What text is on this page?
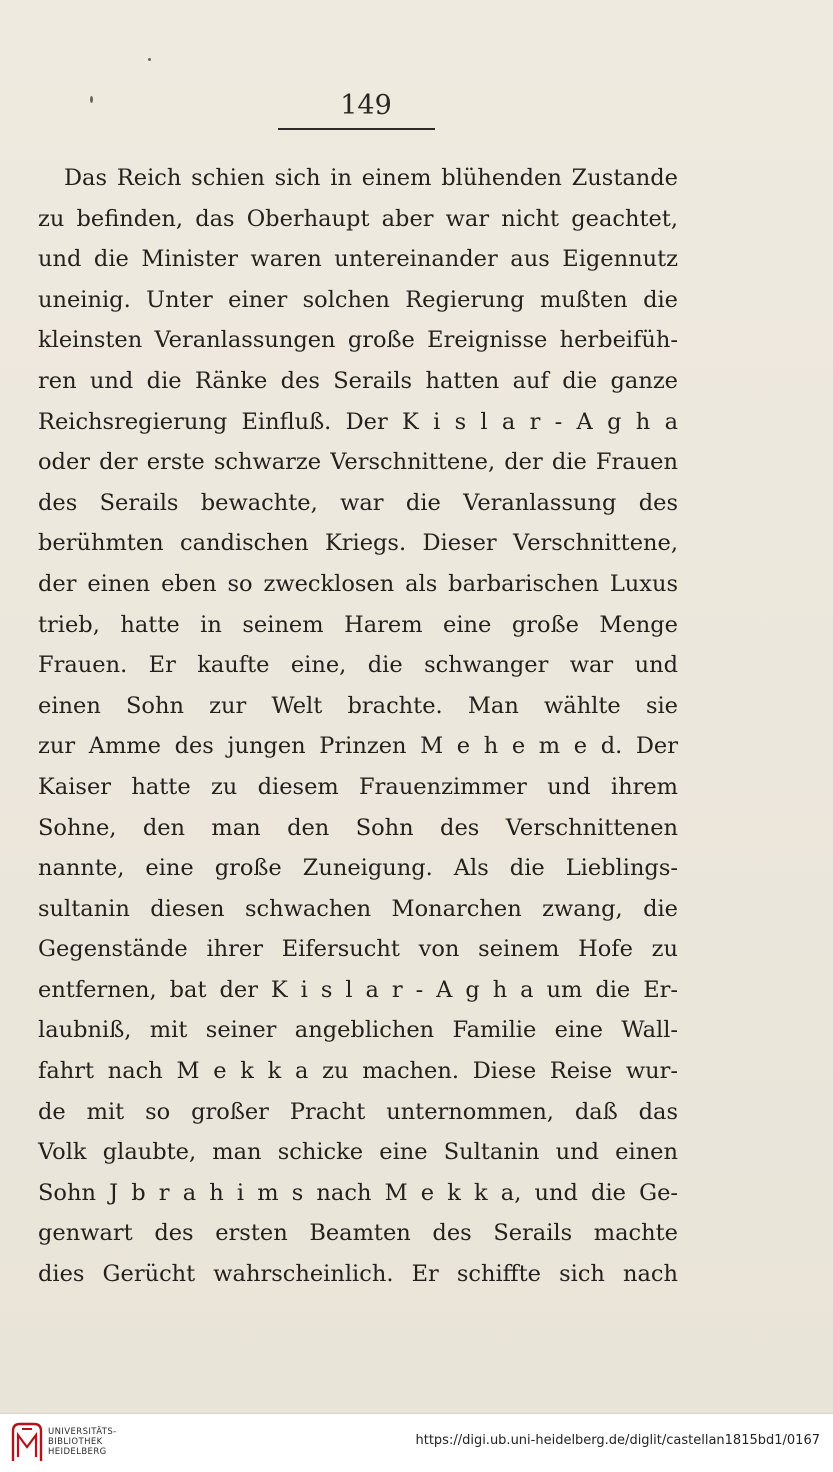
149
Das Reich schien sich in einem blühenden Zustande
zu befinden, das Oberhaupt aber war nicht geachtet,
und die Minister waren untereinander aus Eigennutz
uneinig. Unter einer solchen Regierung mußten die
kleinsten Veranlassungen große Ereignisse herbeifüh-
ren und die Ränke des Serails hatten auf die ganze
Reichsregierung Einfluß. Der K i s l a r - A g h a
oder der erste schwarze Verschnittene, der die Frauen
des Serails bewachte, war die Veranlassung des
berühmten candischen Kriegs. Dieser Verschnittene,
der einen eben so zwecklosen als barbarischen Luxus
trieb, hatte in seinem Harem eine große Menge
Frauen. Er kaufte eine, die schwanger war und
einen Sohn zur Welt brachte. Man wählte sie
zur Amme des jungen Prinzen M e h e m e d. Der
Kaiser hatte zu diesem Frauenzimmer und ihrem
Sohne, den man den Sohn des Verschnittenen
nannte, eine große Zuneigung. Als die Lieblings-
sultanin diesen schwachen Monarchen zwang, die
Gegenstände ihrer Eifersucht von seinem Hofe zu
entfernen, bat der K i s l a r - A g h a um die Er-
laubniß, mit seiner angeblichen Familie eine Wall-
fahrt nach M e k k a zu machen. Diese Reise wur-
de mit so großer Pracht unternommen, daß das
Volk glaubte, man schicke eine Sultanin und einen
Sohn J b r a h i m s nach M e k k a, und die Ge-
genwart des ersten Beamten des Serails machte
dies Gerücht wahrscheinlich. Er schiffte sich nach
UNIVERSITÄTS-
BIBLIOTHEK
HEIDELBERG
https://digi.ub.uni-heidelberg.de/diglit/castellan1815bd1/0167
